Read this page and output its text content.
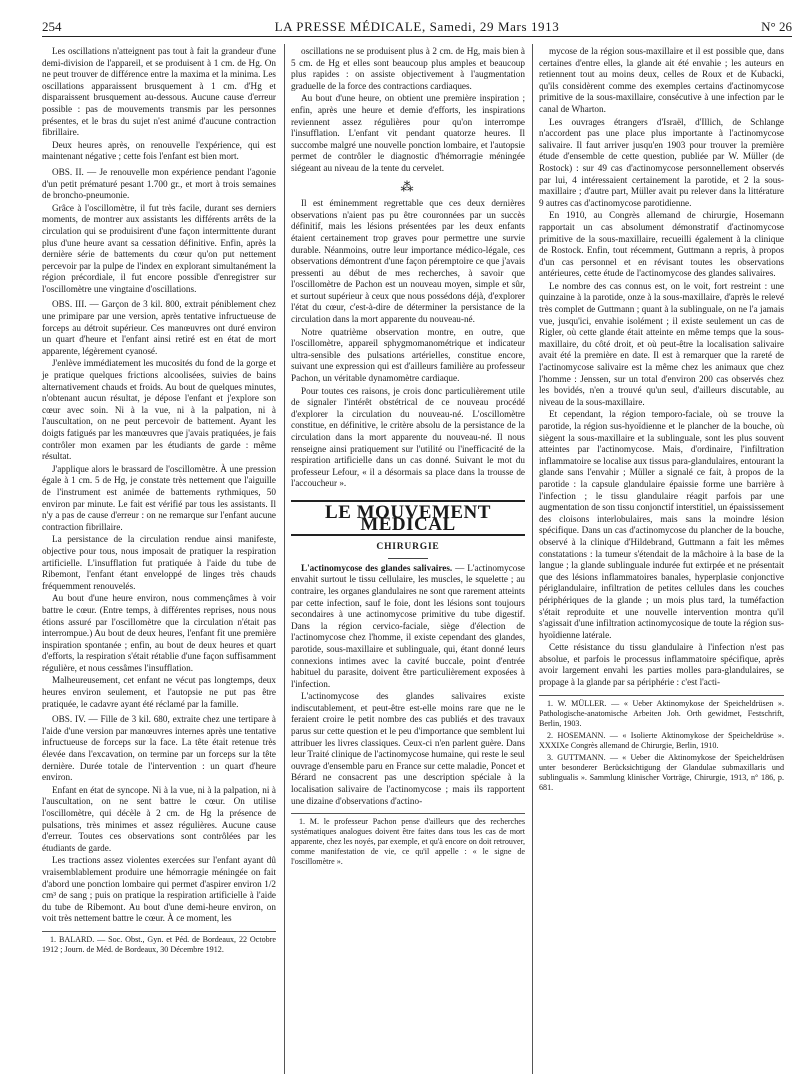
254	LA PRESSE MÉDICALE, Samedi, 29 Mars 1913	N° 26

Les oscillations n'atteignent pas tout à fait la grandeur d'une demi-division de l'appareil, et se produisent à 1 cm. de Hg. On ne peut trouver de différence entre la maxima et la minima. Les oscillations apparaissent brusquement à 1 cm. d'Hg et disparaissent brusquement au-dessous. Aucune cause d'erreur possible : pas de mouvements transmis par les personnes présentes, et le bras du sujet n'est animé d'aucune contraction fibrillaire.

Deux heures après, on renouvelle l'expérience, qui est maintenant négative ; cette fois l'enfant est bien mort.

OBS. II. — Je renouvelle mon expérience pendant l'agonie d'un petit prématuré pesant 1.700 gr., et mort à trois semaines de broncho-pneumonie.

Grâce à l'oscillomètre, il fut très facile, durant ses derniers moments, de montrer aux assistants les différents arrêts de la circulation qui se produisirent d'une façon intermittente durant plus d'une heure avant sa cessation définitive. Enfin, après la dernière série de battements du cœur qu'on put nettement percevoir par la pulpe de l'index en explorant simultanément la région précordiale, il fut encore possible d'enregistrer sur l'oscillomètre une vingtaine d'oscillations.

OBS. III. — Garçon de 3 kil. 800, extrait péniblement chez une primipare par une version, après tentative infructueuse de forceps au détroit supérieur. Ces manœuvres ont duré environ un quart d'heure et l'enfant ainsi retiré est en état de mort apparente, légèrement cyanosé.

J'enlève immédiatement les mucosités du fond de la gorge et je pratique quelques frictions alcoolisées, suivies de bains alternativement chauds et froids. Au bout de quelques minutes, n'obtenant aucun résultat, je dépose l'enfant et j'explore son cœur avec soin. Ni à la vue, ni à la palpation, ni à l'auscultation, on ne peut percevoir de battement. Ayant les doigts fatigués par les manœuvres que j'avais pratiquées, je fais contrôler mon examen par les étudiants de garde : même résultat.

J'applique alors le brassard de l'oscillomètre. À une pression égale à 1 cm. 5 de Hg, je constate très nettement que l'aiguille de l'instrument est animée de battements rythmiques, 50 environ par minute. Le fait est vérifié par tous les assistants. Il n'y a pas de cause d'erreur : on ne remarque sur l'enfant aucune contraction fibrillaire.

La persistance de la circulation rendue ainsi manifeste, objective pour tous, nous imposait de pratiquer la respiration artificielle. L'insufflation fut pratiquée à l'aide du tube de Ribemont, l'enfant étant enveloppé de linges très chauds fréquemment renouvelés.

Au bout d'une heure environ, nous commençâmes à voir battre le cœur. (Entre temps, à différentes reprises, nous nous étions assuré par l'oscillomètre que la circulation n'était pas interrompue.) Au bout de deux heures, l'enfant fit une première inspiration spontanée ; enfin, au bout de deux heures et quart d'efforts, la respiration s'était rétablie d'une façon suffisamment régulière, et nous cessâmes l'insufflation.

Malheureusement, cet enfant ne vécut pas longtemps, deux heures environ seulement, et l'autopsie ne put pas être pratiquée, le cadavre ayant été réclamé par la famille.

OBS. IV. — Fille de 3 kil. 680, extraite chez une tertipare à l'aide d'une version par manœuvres internes après une tentative infructueuse de forceps sur la face. La tête était retenue très élevée dans l'excavation, on termine par un forceps sur la tête dernière. Durée totale de l'intervention : un quart d'heure environ.

Enfant en état de syncope. Ni à la vue, ni à la palpation, ni à l'auscultation, on ne sent battre le cœur. On utilise l'oscillomètre, qui décèle à 2 cm. de Hg la présence de pulsations, très minimes et assez régulières. Aucune cause d'erreur. Toutes ces observations sont contrôlées par les étudiants de garde.

Les tractions assez violentes exercées sur l'enfant ayant dû vraisemblablement produire une hémorragie méningée on fait d'abord une ponction lombaire qui permet d'aspirer environ 1/2 cm³ de sang ; puis on pratique la respiration artificielle à l'aide du tube de Ribemont. Au bout d'une demi-heure environ, on voit très nettement battre le cœur. À ce moment, les

1. BALARD. — Soc. Obst., Gyn. et Péd. de Bordeaux, 22 Octobre 1912 ; Journ. de Méd. de Bordeaux, 30 Décembre 1912.

oscillations ne se produisent plus à 2 cm. de Hg, mais bien à 5 cm. de Hg et elles sont beaucoup plus amples et beaucoup plus rapides : on assiste objectivement à l'augmentation graduelle de la force des contractions cardiaques.

Au bout d'une heure, on obtient une première inspiration ; enfin, après une heure et demie d'efforts, les inspirations reviennent assez régulières pour qu'on interrompe l'insufflation. L'enfant vit pendant quatorze heures. Il succombe malgré une nouvelle ponction lombaire, et l'autopsie permet de contrôler le diagnostic d'hémorragie méningée siégeant au niveau de la tente du cervelet.

⁂

Il est éminemment regrettable que ces deux dernières observations n'aient pas pu être couronnées par un succès définitif, mais les lésions présentées par les deux enfants étaient certainement trop graves pour permettre une survie durable. Néanmoins, outre leur importance médico-légale, ces observations démontrent d'une façon péremptoire ce que j'avais pressenti au début de mes recherches, à savoir que l'oscillomètre de Pachon est un nouveau moyen, simple et sûr, et surtout supérieur à ceux que nous possédons déjà, d'explorer l'état du cœur, c'est-à-dire de déterminer la persistance de la circulation dans la mort apparente du nouveau-né.

Notre quatrième observation montre, en outre, que l'oscillomètre, appareil sphygmomanométrique et indicateur ultra-sensible des pulsations artérielles, constitue encore, suivant une expression qui est d'ailleurs familière au professeur Pachon, un véritable dynamomètre cardiaque.

Pour toutes ces raisons, je crois donc particulièrement utile de signaler l'intérêt obstétrical de ce nouveau procédé d'explorer la circulation du nouveau-né. L'oscillomètre constitue, en définitive, le critère absolu de la persistance de la circulation dans la mort apparente du nouveau-né. Il nous renseigne ainsi pratiquement sur l'utilité ou l'inefficacité de la respiration artificielle dans un cas donné. Suivant le mot du professeur Lefour, « il a désormais sa place dans la trousse de l'accoucheur ».

LE MOUVEMENT MÉDICAL
CHIRURGIE

L'actinomycose des glandes salivaires. — L'actinomycose envahit surtout le tissu cellulaire, les muscles, le squelette ; au contraire, les organes glandulaires ne sont que rarement atteints par cette infection, sauf le foie, dont les lésions sont toujours secondaires à une actinomycose primitive du tube digestif. Dans la région cervico-faciale, siège d'élection de l'actinomycose chez l'homme, il existe cependant des glandes, parotide, sous-maxillaire et sublinguale, qui, étant donné leurs connexions intimes avec la cavité buccale, point d'entrée habituel du parasite, doivent être particulièrement exposées à l'infection.

L'actinomycose des glandes salivaires existe indiscutablement, et peut-être est-elle moins rare que ne le feraient croire le petit nombre des cas publiés et des travaux parus sur cette question et le peu d'importance que semblent lui attribuer les livres classiques. Ceux-ci n'en parlent guère. Dans leur Traité clinique de l'actinomycose humaine, qui reste le seul ouvrage d'ensemble paru en France sur cette maladie, Poncet et Bérard ne consacrent pas une description spéciale à la localisation salivaire de l'actinomycose ; mais ils rapportent une dizaine d'observations d'actino-

1. M. le professeur Pachon pense d'ailleurs que des recherches systématiques analogues doivent être faites dans tous les cas de mort apparente, chez les noyés, par exemple, et qu'à encore on doit retrouver, comme manifestation de vie, ce qu'il appelle : « le signe de l'oscillomètre ».

mycose de la région sous-maxillaire et il est possible que, dans certaines d'entre elles, la glande ait été envahie ; les auteurs en retiennent tout au moins deux, celles de Roux et de Kubacki, qu'ils considèrent comme des exemples certains d'actinomycose primitive de la sous-maxillaire, consécutive à une infection par le canal de Wharton.

Les ouvrages étrangers d'Israël, d'Illich, de Schlange n'accordent pas une place plus importante à l'actinomycose salivaire. Il faut arriver jusqu'en 1903 pour trouver la première étude d'ensemble de cette question, publiée par W. Müller (de Rostock) : sur 49 cas d'actinomycose personnellement observés par lui, 4 intéressaient certainement la parotide, et 2 la sous-maxillaire ; d'autre part, Müller avait pu relever dans la littérature 9 autres cas d'actinomycose parotidienne.

En 1910, au Congrès allemand de chirurgie, Hosemann rapportait un cas absolument démonstratif d'actinomycose primitive de la sous-maxillaire, recueilli également à la clinique de Rostock. Enfin, tout récemment, Guttmann a repris, à propos d'un cas personnel et en révisant toutes les observations antérieures, cette étude de l'actinomycose des glandes salivaires.

Le nombre des cas connus est, on le voit, fort restreint : une quinzaine à la parotide, onze à la sous-maxillaire, d'après le relevé très complet de Guttmann ; quant à la sublinguale, on ne l'a jamais vue, jusqu'ici, envahie isolément ; il existe seulement un cas de Rigler, où cette glande était atteinte en même temps que la sous-maxillaire, du côté droit, et où peut-être la localisation salivaire avait été la première en date. Il est à remarquer que la rareté de l'actinomycose salivaire est la même chez les animaux que chez l'homme : Jenssen, sur un total d'environ 200 cas observés chez les bovidés, n'en a trouvé qu'un seul, d'ailleurs discutable, au niveau de la sous-maxillaire.

Et cependant, la région temporo-faciale, où se trouve la parotide, la région sus-hyoïdienne et le plancher de la bouche, où siègent la sous-maxillaire et la sublinguale, sont les plus souvent atteintes par l'actinomycose. Mais, d'ordinaire, l'infiltration inflammatoire se localise aux tissus para-glandulaires, entourant la glande sans l'envahir ; Müller a signalé ce fait, à propos de la parotide : la capsule glandulaire épaissie forme une barrière à l'infection ; le tissu glandulaire réagit parfois par une augmentation de son tissu conjonctif interstitiel, un épaississement des cloisons interlobulaires, mais sans la moindre lésion spécifique. Dans un cas d'actinomycose du plancher de la bouche, observé à la clinique d'Hildebrand, Guttmann a fait les mêmes constatations : la tumeur s'étendait de la mâchoire à la base de la langue ; la glande sublinguale indurée fut extirpée et ne présentait que des lésions inflammatoires banales, hyperplasie conjonctive périglandulaire, infiltration de petites cellules dans les couches périphériques de la glande ; un mois plus tard, la tuméfaction s'était reproduite et une nouvelle intervention montra qu'il s'agissait d'une infiltration actinomycosique de toute la région sus-hyoïdienne latérale.

Cette résistance du tissu glandulaire à l'infection n'est pas absolue, et parfois le processus inflammatoire spécifique, après avoir largement envahi les parties molles para-glandulaires, se propage à la glande par sa périphérie : c'est l'acti-

1. W. MÜLLER. — « Ueber Aktinomykose der Speicheldrüsen ». Pathologische-anatomische Arbeiten Joh. Orth gewidmet, Festschrift, Berlin, 1903.

2. HOSEMANN. — « Isolierte Aktinomykose der Speicheldrüse ». XXXIXe Congrès allemand de Chirurgie, Berlin, 1910.

3. GUTTMANN. — « Ueber die Aktinomykose der Speicheldrüsen unter besonderer Berücksichtigung der Glandulae submaxillaris und sublingualis ». Sammlung klinischer Vorträge, Chirurgie, 1913, n° 186, p. 681.
